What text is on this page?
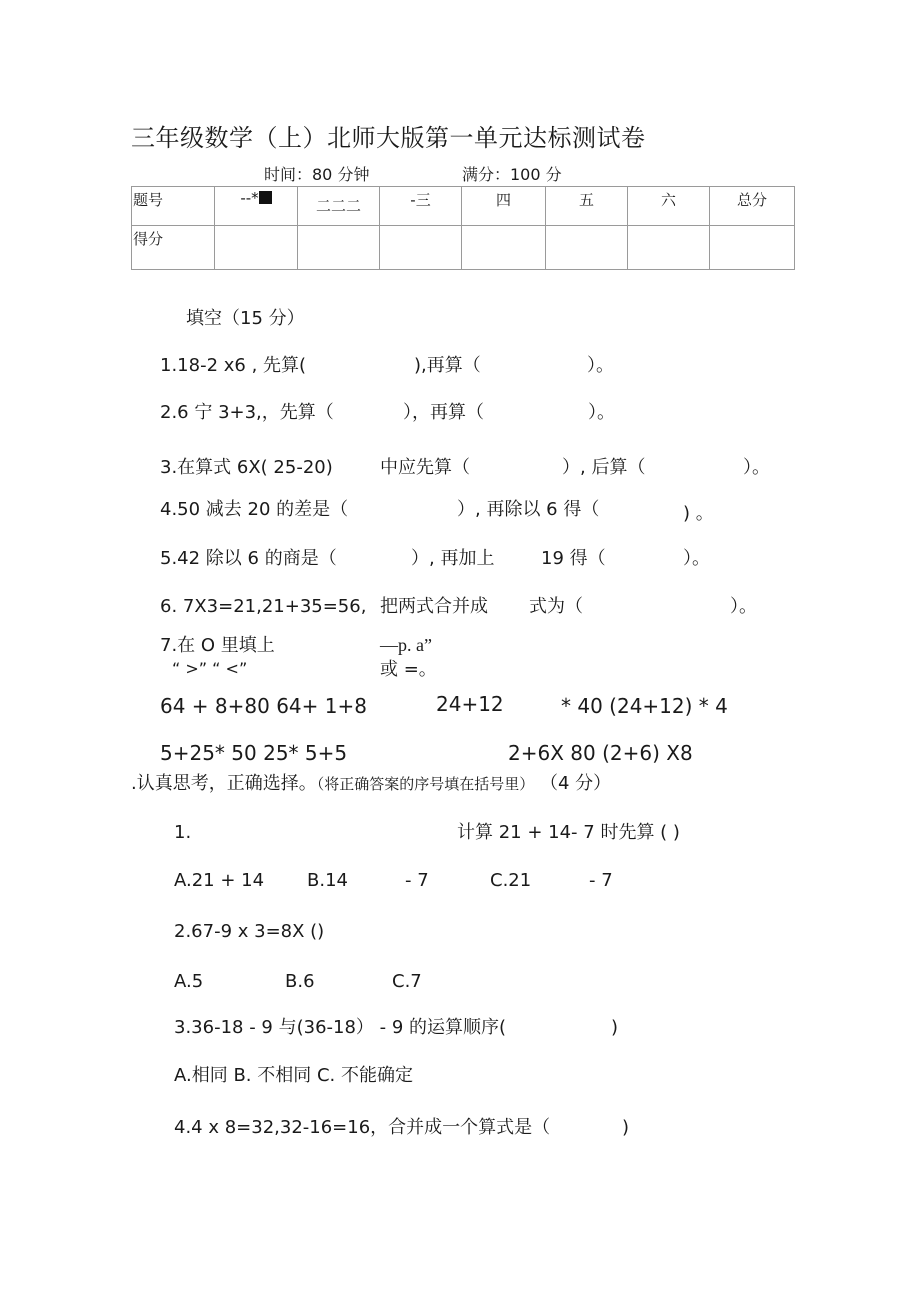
三年级数学（上）北师大版第一单元达标测试卷
时间：80 分钟	满分：100 分
题号	--*	二二二	-三	四	五	六	总分
得分							
填空（15 分）
1.18-2 x6 , 先算(	),再算（	）。
2.6 宁 3+3,，先算（	），再算（	）。
3.在算式 6X( 25-20)	中应先算（	）, 后算（	）。
4.50 减去 20 的差是（	）, 再除以 6 得（	) 。
5.42 除以 6 的商是（	）, 再加上	19 得（	）。
6. 7X3=21,21+35=56, 把两式合并成 式为（	）。
7.在 O 里填上	—p. a”
“ >” “ <”	或 =。
64 + 8+80 64+ 1+8	24+12	* 40 (24+12) * 4
5+25* 50 25* 5+5	2+6X 80 (2+6) X8
.认真思考，正确选择。（将正确答案的序号填在括号里） （4 分）
1.	计算 21 + 14- 7 时先算 ( )
A.21 + 14 B.14	- 7	C.21	- 7
2.67-9 x 3=8X ()
A.5	B.6	C.7
3.36-18 - 9 与(36-18） - 9 的运算顺序(	)
A.相同 B. 不相同 C. 不能确定
4.4 x 8=32,32-16=16，合并成一个算式是（	)
